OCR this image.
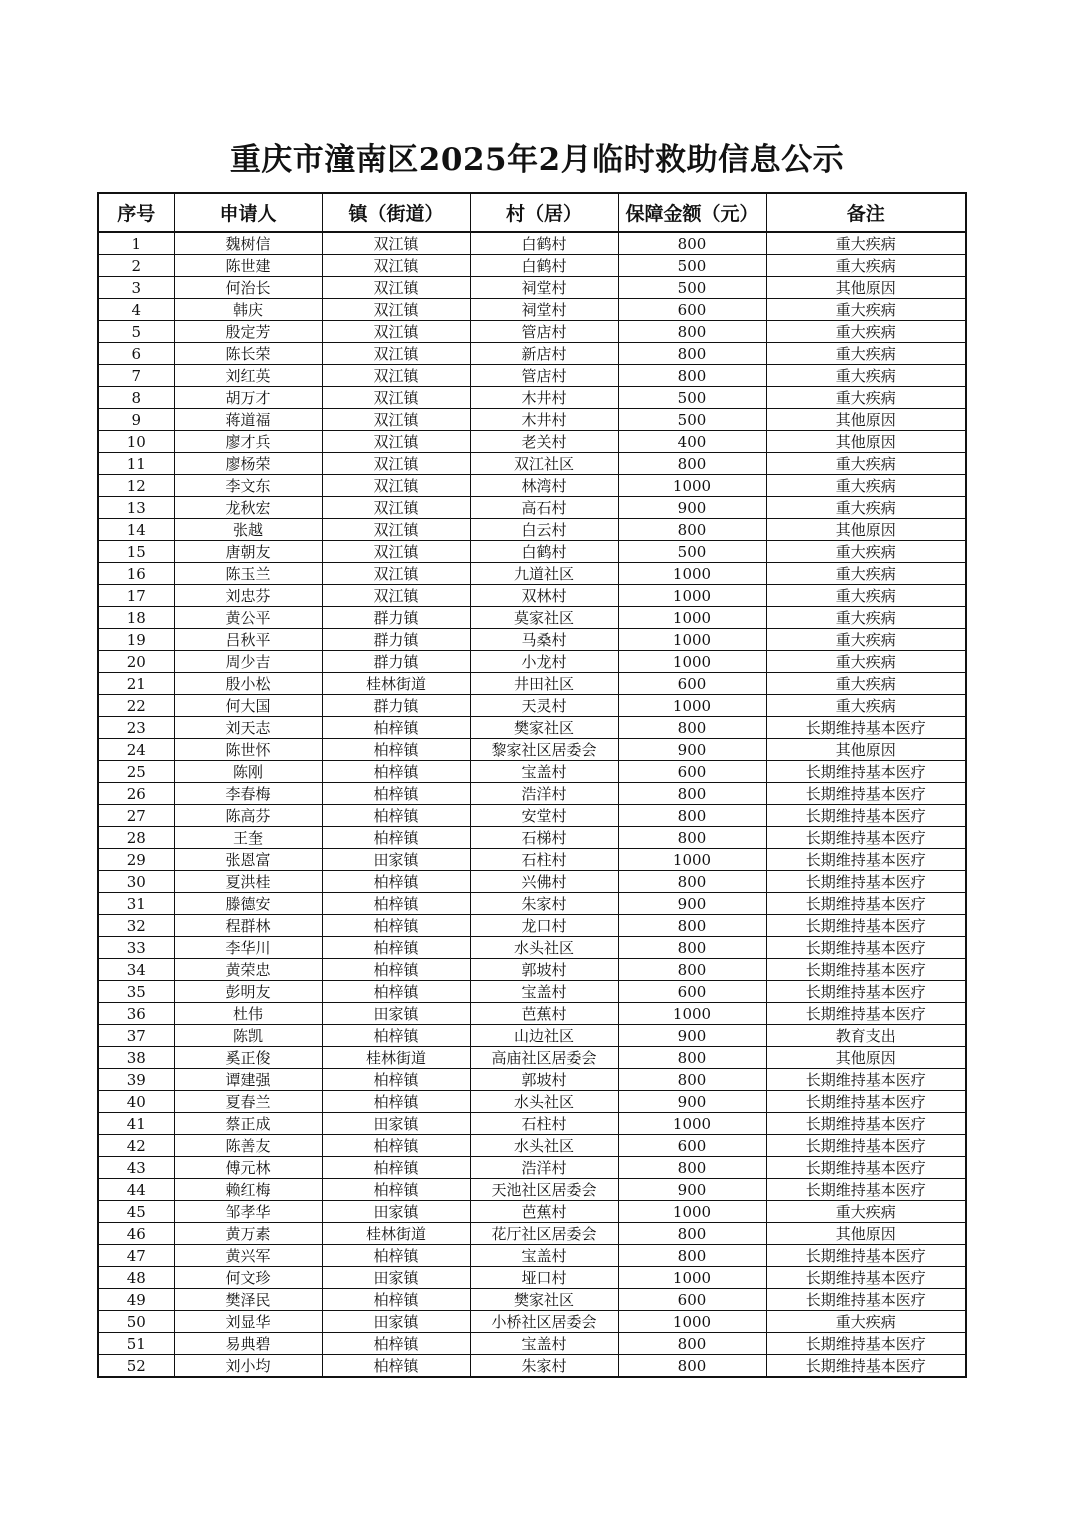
重庆市潼南区2025年2月临时救助信息公示
序号	申请人	镇（街道）	村（居）	保障金额（元）	备注
1	魏树信	双江镇	白鹤村	800	重大疾病
2	陈世建	双江镇	白鹤村	500	重大疾病
3	何治长	双江镇	祠堂村	500	其他原因
4	韩庆	双江镇	祠堂村	600	重大疾病
5	殷定芳	双江镇	管店村	800	重大疾病
6	陈长荣	双江镇	新店村	800	重大疾病
7	刘红英	双江镇	管店村	800	重大疾病
8	胡万才	双江镇	木井村	500	重大疾病
9	蒋道福	双江镇	木井村	500	其他原因
10	廖才兵	双江镇	老关村	400	其他原因
11	廖杨荣	双江镇	双江社区	800	重大疾病
12	李文东	双江镇	林湾村	1000	重大疾病
13	龙秋宏	双江镇	高石村	900	重大疾病
14	张越	双江镇	白云村	800	其他原因
15	唐朝友	双江镇	白鹤村	500	重大疾病
16	陈玉兰	双江镇	九道社区	1000	重大疾病
17	刘忠芬	双江镇	双林村	1000	重大疾病
18	黄公平	群力镇	莫家社区	1000	重大疾病
19	吕秋平	群力镇	马桑村	1000	重大疾病
20	周少吉	群力镇	小龙村	1000	重大疾病
21	殷小松	桂林街道	井田社区	600	重大疾病
22	何大国	群力镇	天灵村	1000	重大疾病
23	刘天志	柏梓镇	樊家社区	800	长期维持基本医疗
24	陈世怀	柏梓镇	黎家社区居委会	900	其他原因
25	陈刚	柏梓镇	宝盖村	600	长期维持基本医疗
26	李春梅	柏梓镇	浩洋村	800	长期维持基本医疗
27	陈高芬	柏梓镇	安堂村	800	长期维持基本医疗
28	王奎	柏梓镇	石梯村	800	长期维持基本医疗
29	张恩富	田家镇	石柱村	1000	长期维持基本医疗
30	夏洪桂	柏梓镇	兴佛村	800	长期维持基本医疗
31	滕德安	柏梓镇	朱家村	900	长期维持基本医疗
32	程群林	柏梓镇	龙口村	800	长期维持基本医疗
33	李华川	柏梓镇	水头社区	800	长期维持基本医疗
34	黄荣忠	柏梓镇	郭坡村	800	长期维持基本医疗
35	彭明友	柏梓镇	宝盖村	600	长期维持基本医疗
36	杜伟	田家镇	芭蕉村	1000	长期维持基本医疗
37	陈凯	柏梓镇	山边社区	900	教育支出
38	奚正俊	桂林街道	高庙社区居委会	800	其他原因
39	谭建强	柏梓镇	郭坡村	800	长期维持基本医疗
40	夏春兰	柏梓镇	水头社区	900	长期维持基本医疗
41	蔡正成	田家镇	石柱村	1000	长期维持基本医疗
42	陈善友	柏梓镇	水头社区	600	长期维持基本医疗
43	傅元林	柏梓镇	浩洋村	800	长期维持基本医疗
44	赖红梅	柏梓镇	天池社区居委会	900	长期维持基本医疗
45	邹孝华	田家镇	芭蕉村	1000	重大疾病
46	黄万素	桂林街道	花厅社区居委会	800	其他原因
47	黄兴军	柏梓镇	宝盖村	800	长期维持基本医疗
48	何文珍	田家镇	垭口村	1000	长期维持基本医疗
49	樊泽民	柏梓镇	樊家社区	600	长期维持基本医疗
50	刘显华	田家镇	小桥社区居委会	1000	重大疾病
51	易典碧	柏梓镇	宝盖村	800	长期维持基本医疗
52	刘小均	柏梓镇	朱家村	800	长期维持基本医疗
